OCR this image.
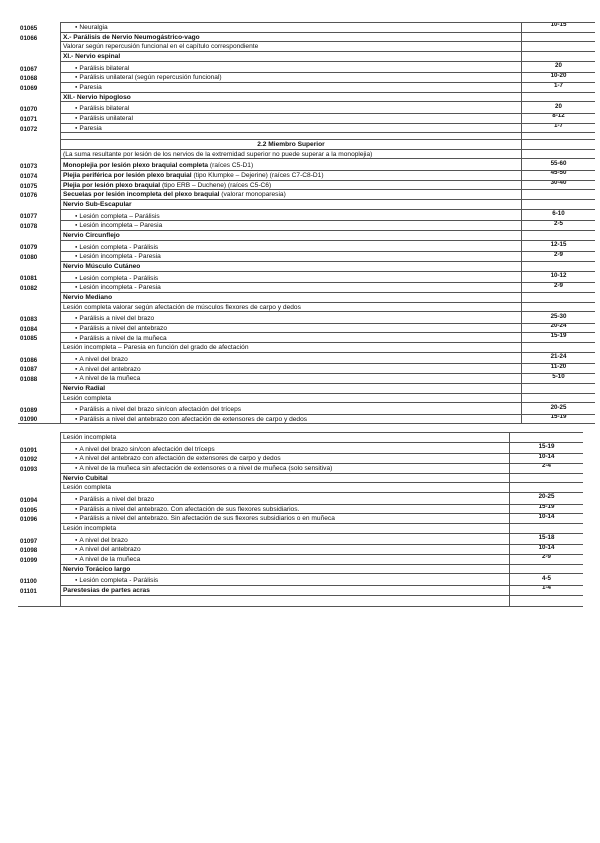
01065	● Neuralgia	10-15
01066	X.- Parálisis de Nervio Neumogástrico-vago	
	Valorar según repercusión funcional en el capítulo correspondiente	
	XI.- Nervio espinal	
01067	● Parálisis bilateral	20
01068	● Parálisis unilateral (según repercusión funcional)	10-20
01069	● Paresia	1-7
	XII.- Nervio hipogloso	
01070	● Parálisis bilateral	20
01071	● Parálisis unilateral	8-12
01072	● Paresia	1-7

	2.2 Miembro Superior	
	(La suma resultante por lesión de los nervios de la extremidad superior no puede superar a la monoplejia)	
01073	Monoplejia por lesión plexo braquial completa (raíces C5-D1)	55-60
01074	Plejia periférica por lesión plexo braquial (tipo Klumpke – Dejerine) (raíces C7-C8-D1)	45-50
01075	Plejia por lesión plexo braquial (tipo ERB – Duchene) (raíces C5-C6)	30-40
01076	Secuelas por lesión incompleta del plexo braquial (valorar monoparesia)	
	Nervio Sub-Escapular	
01077	● Lesión completa – Parálisis	6-10
01078	● Lesión incompleta – Paresia	2-5
	Nervio Circunflejo	
01079	● Lesión completa - Parálisis	12-15
01080	● Lesión incompleta - Paresia	2-9
	Nervio Músculo Cutáneo	
01081	● Lesión completa - Parálisis	10-12
01082	● Lesión incompleta - Paresia	2-9
	Nervio Mediano	
	Lesión completa valorar según afectación de músculos flexores de carpo y dedos	
01083	● Parálisis a nivel del brazo	25-30
01084	● Parálisis a nivel del antebrazo	20-24
01085	● Parálisis a nivel de la muñeca	15-19
	Lesión incompleta – Paresia en función del grado de afectación	
01086	● A nivel del brazo	21-24
01087	● A nivel del antebrazo	11-20
01088	● A nivel de la muñeca	5-10
	Nervio Radial	
	Lesión completa	
01089	● Parálisis a nivel del brazo sin/con afectación del tríceps	20-25
01090	● Parálisis a nivel del antebrazo con afectación de extensores de carpo y dedos	15-19
	Lesión incompleta	
01091	● A nivel del brazo sin/con afectación del tríceps	15-19
01092	● A nivel del antebrazo con afectación de extensores de carpo y dedos	10-14
01093	● A nivel de la muñeca sin afectación de extensores o a nivel de muñeca (solo sensitiva)	2-4
	Nervio Cubital	
	Lesión completa	
01094	● Parálisis a nivel del brazo	20-25
01095	● Parálisis a nivel del antebrazo. Con afectación de sus flexores subsidiarios.	15-19
01096	● Parálisis a nivel del antebrazo. Sin afectación de sus flexores subsidiarios o en muñeca	10-14
	Lesión incompleta	
01097	● A nivel del brazo	15-18
01098	● A nivel del antebrazo	10-14
01099	● A nivel de la muñeca	2-9
	Nervio Torácico largo	
01100	● Lesión completa - Parálisis	4-5
01101	Parestesias de partes acras	1-4
